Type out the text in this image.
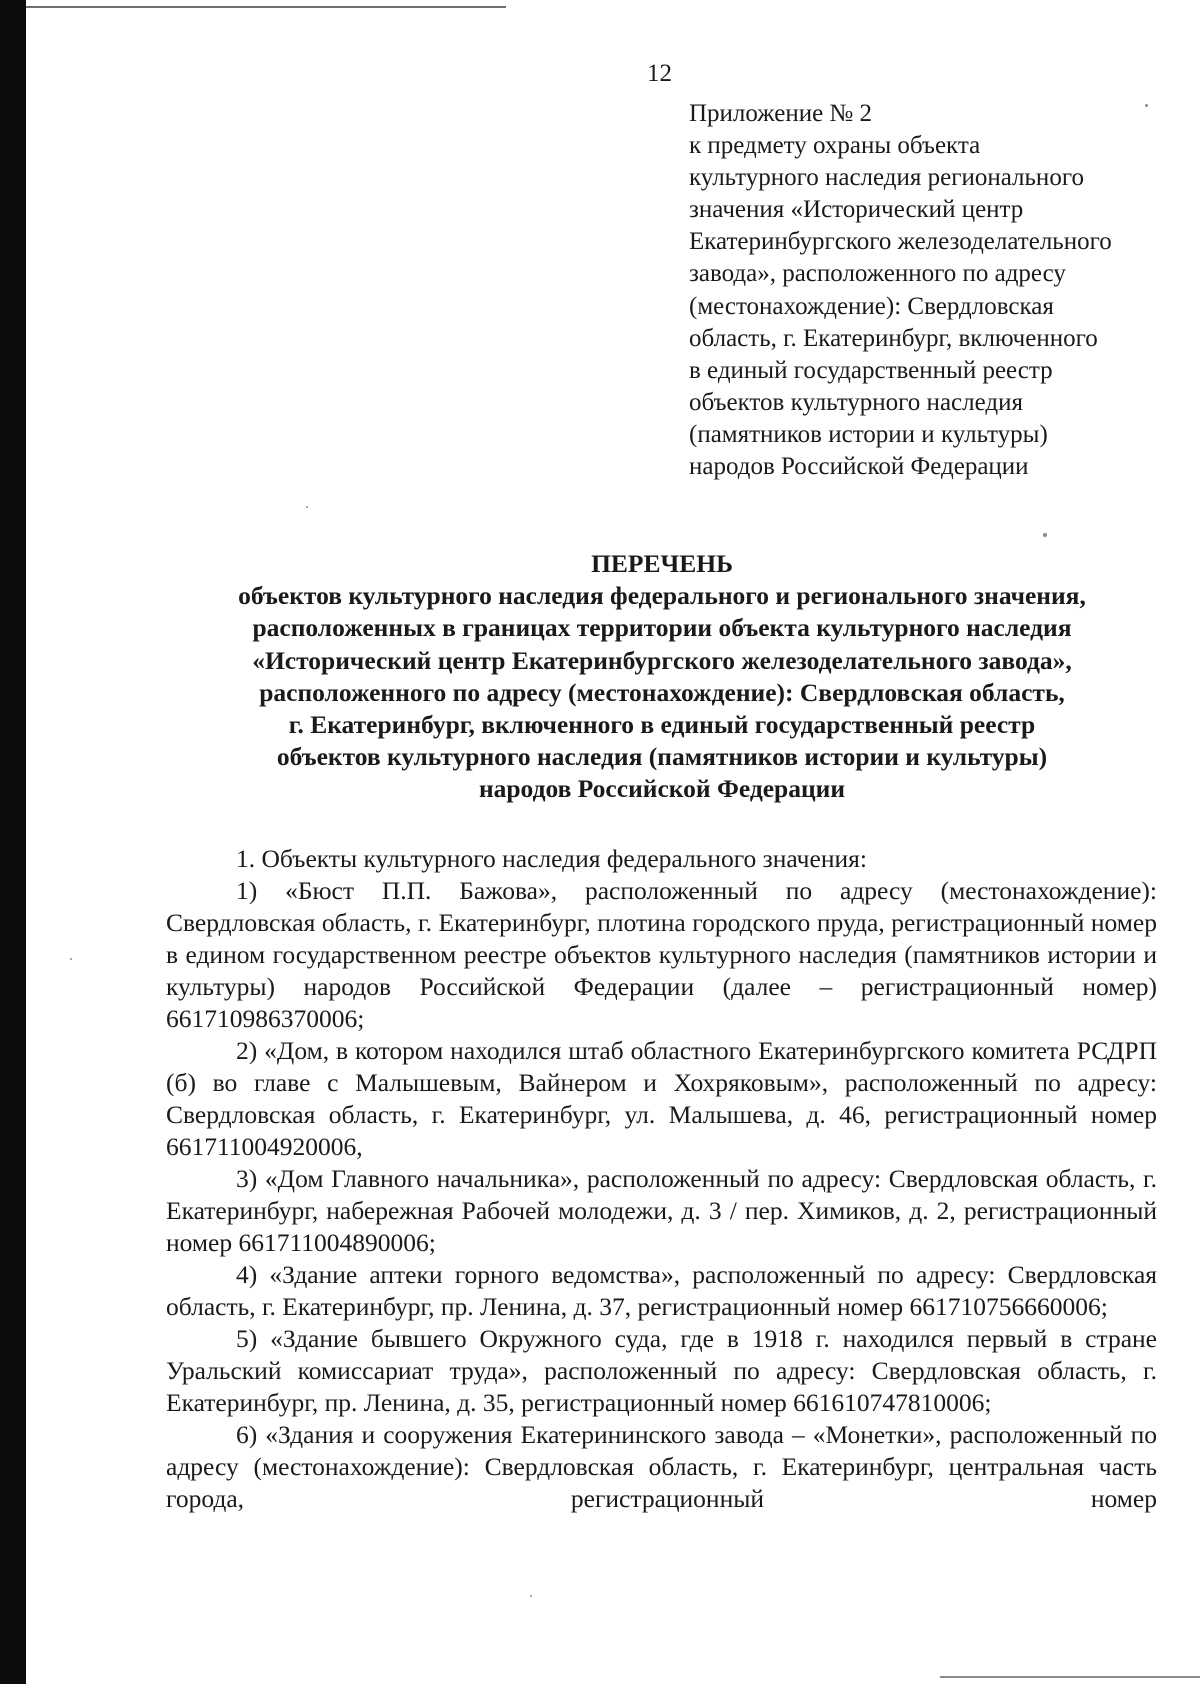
12
Приложение № 2
к предмету охраны объекта
культурного наследия регионального
значения «Исторический центр
Екатеринбургского железоделательного
завода», расположенного по адресу
(местонахождение): Свердловская
область, г. Екатеринбург, включенного
в единый государственный реестр
объектов культурного наследия
(памятников истории и культуры)
народов Российской Федерации
ПЕРЕЧЕНЬ
объектов культурного наследия федерального и регионального значения,
расположенных в границах территории объекта культурного наследия
«Исторический центр Екатеринбургского железоделательного завода»,
расположенного по адресу (местонахождение): Свердловская область,
г. Екатеринбург, включенного в единый государственный реестр
объектов культурного наследия (памятников истории и культуры)
народов Российской Федерации

1. Объекты культурного наследия федерального значения:

1) «Бюст П.П. Бажова», расположенный по адресу (местонахождение): Свердловская область, г. Екатеринбург, плотина городского пруда, регистрационный номер в едином государственном реестре объектов культурного наследия (памятников истории и культуры) народов Российской Федерации (далее – регистрационный номер) 661710986370006;

2) «Дом, в котором находился штаб областного Екатеринбургского комитета РСДРП (б) во главе с Малышевым, Вайнером и Хохряковым», расположенный по адресу: Свердловская область, г. Екатеринбург, ул. Малышева, д. 46, регистрационный номер 661711004920006,

3) «Дом Главного начальника», расположенный по адресу: Свердловская область, г. Екатеринбург, набережная Рабочей молодежи, д. 3 / пер. Химиков, д. 2, регистрационный номер 661711004890006;

4) «Здание аптеки горного ведомства», расположенный по адресу: Свердловская область, г. Екатеринбург, пр. Ленина, д. 37, регистрационный номер 661710756660006;

5) «Здание бывшего Окружного суда, где в 1918 г. находился первый в стране Уральский комиссариат труда», расположенный по адресу: Свердловская область, г. Екатеринбург, пр. Ленина, д. 35, регистрационный номер 661610747810006;

6) «Здания и сооружения Екатерининского завода – «Монетки», расположенный по адресу (местонахождение): Свердловская область, г. Екатеринбург, центральная часть города, регистрационный номер
